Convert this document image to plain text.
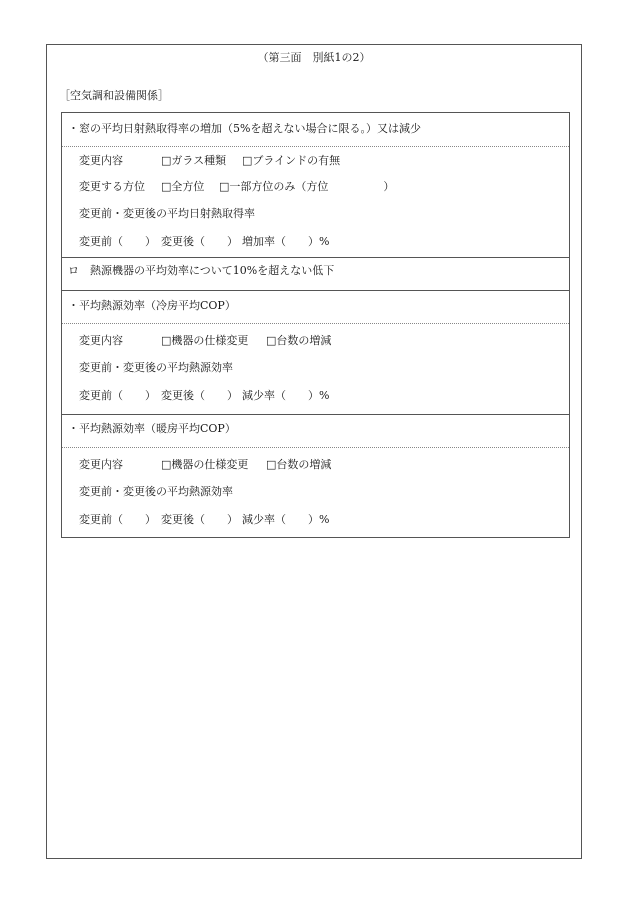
（第三面　別紙1の2）
［空気調和設備関係］
・窓の平均日射熱取得率の増加（5%を超えない場合に限る。）又は減少
変更内容	□ガラス種類 □ブラインドの有無
変更する方位 □全方位 □一部方位のみ（方位　　　　　）
変更前・変更後の平均日射熱取得率
変更前（　　） 変更後（　　） 増加率（　　）%
ロ　熱源機器の平均効率について10%を超えない低下
・平均熱源効率（冷房平均COP）
変更内容	□機器の仕様変更 □台数の増減
変更前・変更後の平均熱源効率
変更前（　　） 変更後（　　） 減少率（　　）%
・平均熱源効率（暖房平均COP）
変更内容	□機器の仕様変更 □台数の増減
変更前・変更後の平均熱源効率
変更前（　　） 変更後（　　） 減少率（　　）%
